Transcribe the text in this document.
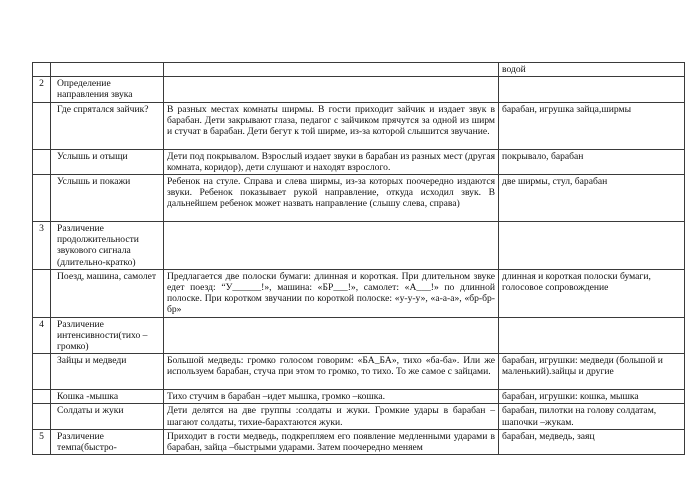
			водой
2	Определение направления звука		
	Где спрятался зайчик?	В разных местах комнаты ширмы. В гости приходит зайчик и издает звук в барабан. Дети закрывают глаза, педагог с зайчиком прячутся за одной из ширм и стучат в барабан. Дети бегут к той ширме, из-за которой слышится звучание.	барабан, игрушка зайца,ширмы
	Услышь и отыщи	Дети под покрывалом. Взрослый издает звуки в барабан из разных мест (другая комната, коридор), дети слушают и находят взрослого.	покрывало, барабан
	Услышь и покажи	Ребенок на стуле. Справа и слева ширмы, из-за которых поочередно издаются звуки. Ребенок показывает рукой направление, откуда исходил звук. В дальнейшем ребенок может назвать направление (слышу слева, справа)	две ширмы, стул, барабан
3	Различение продолжительности звукового сигнала (длительно-кратко)		
	Поезд, машина, самолет	Предлагается две полоски бумаги: длинная и короткая. При длительном звуке едет поезд: “У______!», машина: «БР___!», самолет: «А___!» по длинной полоске. При коротком звучании по короткой полоске: «у-у-у», «а-а-а», «бр-бр-бр»	длинная и короткая полоски бумаги, голосовое сопровождение
4	Различение интенсивности(тихо – громко)		
	Зайцы и медведи	Большой медведь: громко голосом говорим: «БА_БА», тихо «ба-ба». Или же используем барабан, стуча при этом то громко, то тихо. То же самое с зайцами.	барабан, игрушки: медведи (большой и маленький).зайцы и другие
	Кошка -мышка	Тихо стучим в барабан –идет мышка, громко –кошка.	барабан, игрушки: кошка, мышка
	Солдаты и жуки	Дети делятся на две группы :солдаты и жуки. Громкие удары в барабан –шагают солдаты, тихие-барахтаются жуки.	барабан, пилотки на голову солдатам, шапочки –жукам.
5	Различение темпа(быстро-	Приходит в гости медведь, подкрепляем его появление медленными ударами в барабан, зайца –быстрыми ударами. Затем поочередно меняем	барабан, медведь, заяц
